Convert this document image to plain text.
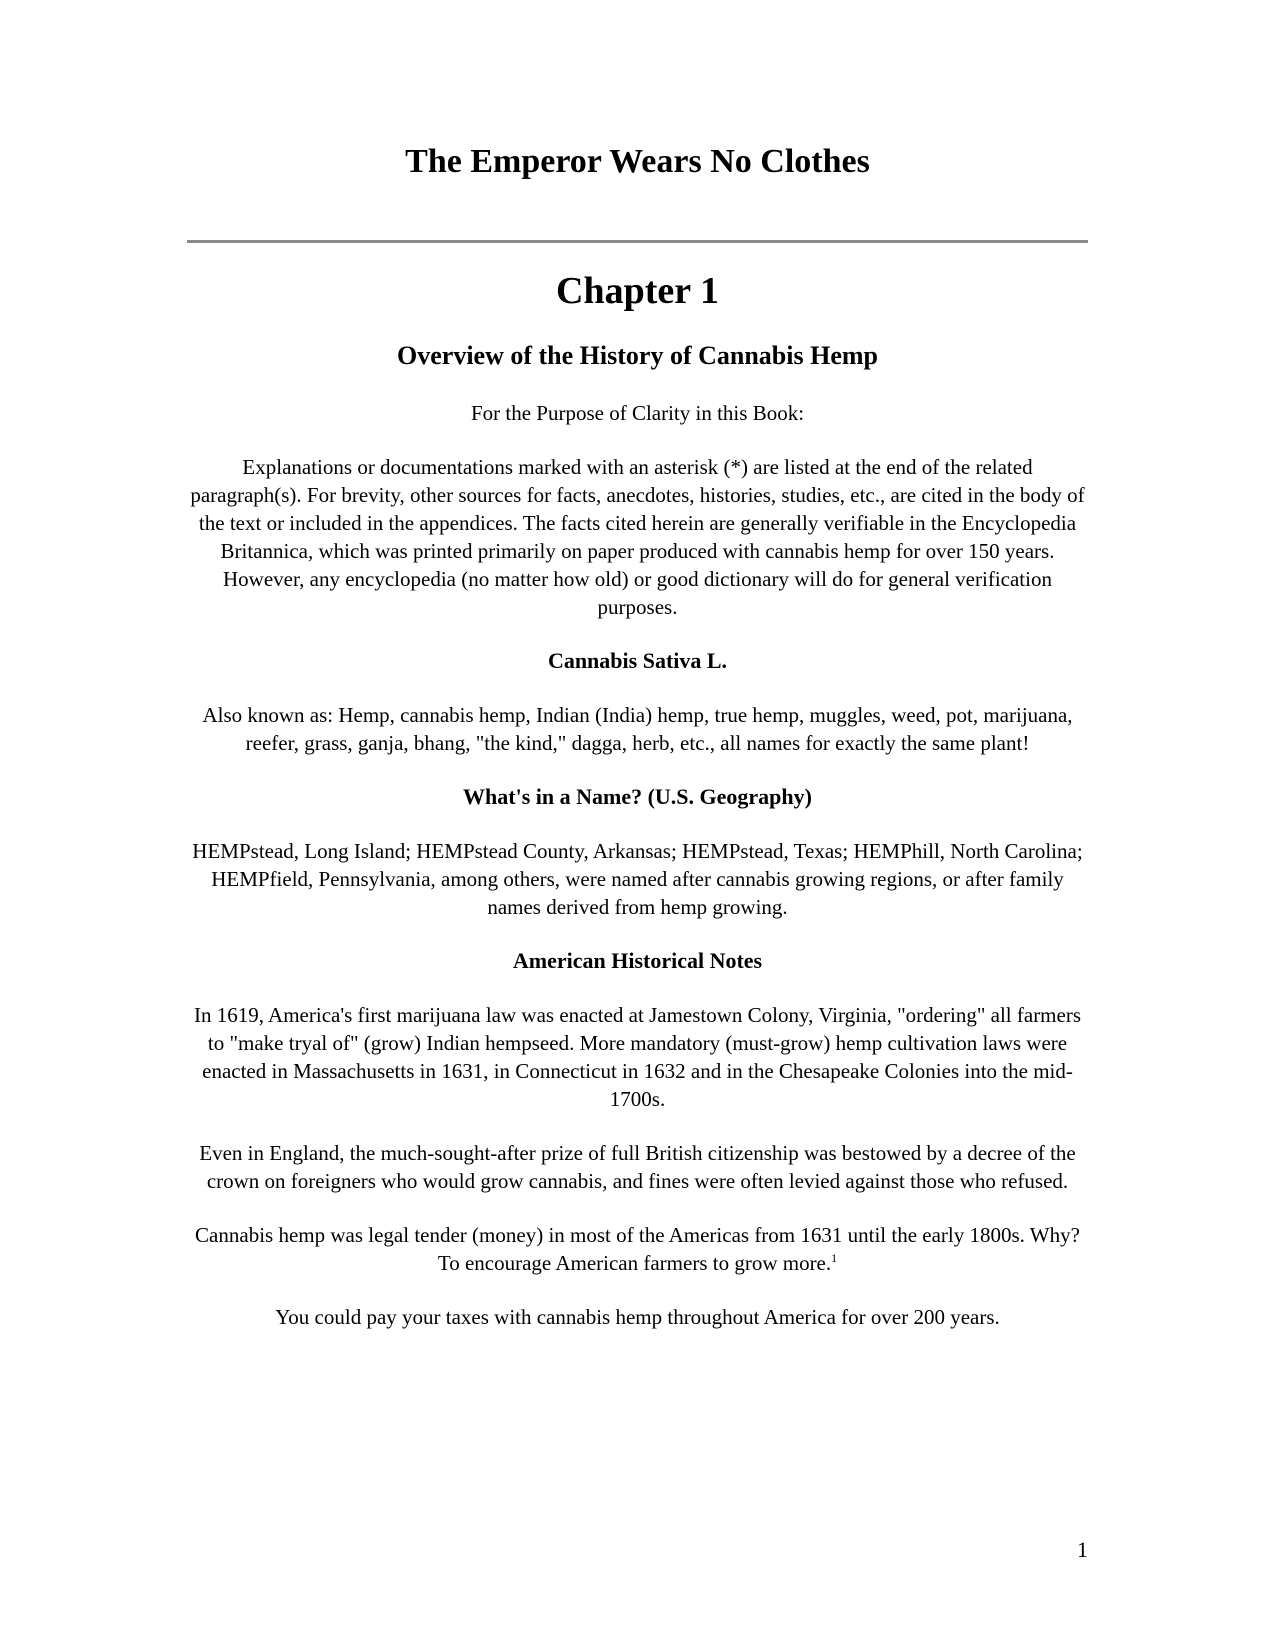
The Emperor Wears No Clothes
Chapter 1
Overview of the History of Cannabis Hemp

For the Purpose of Clarity in this Book:

Explanations or documentations marked with an asterisk (*) are listed at the end of the related paragraph(s). For brevity, other sources for facts, anecdotes, histories, studies, etc., are cited in the body of the text or included in the appendices. The facts cited herein are generally verifiable in the Encyclopedia Britannica, which was printed primarily on paper produced with cannabis hemp for over 150 years. However, any encyclopedia (no matter how old) or good dictionary will do for general verification purposes.

Cannabis Sativa L.

Also known as: Hemp, cannabis hemp, Indian (India) hemp, true hemp, muggles, weed, pot, marijuana, reefer, grass, ganja, bhang, "the kind," dagga, herb, etc., all names for exactly the same plant!

What's in a Name? (U.S. Geography)

HEMPstead, Long Island; HEMPstead County, Arkansas; HEMPstead, Texas; HEMPhill, North Carolina; HEMPfield, Pennsylvania, among others, were named after cannabis growing regions, or after family names derived from hemp growing.

American Historical Notes

In 1619, America's first marijuana law was enacted at Jamestown Colony, Virginia, "ordering" all farmers to "make tryal of" (grow) Indian hempseed. More mandatory (must-grow) hemp cultivation laws were enacted in Massachusetts in 1631, in Connecticut in 1632 and in the Chesapeake Colonies into the mid-1700s.

Even in England, the much-sought-after prize of full British citizenship was bestowed by a decree of the crown on foreigners who would grow cannabis, and fines were often levied against those who refused.

Cannabis hemp was legal tender (money) in most of the Americas from 1631 until the early 1800s. Why? To encourage American farmers to grow more.$^1$

You could pay your taxes with cannabis hemp throughout America for over 200 years.

1
